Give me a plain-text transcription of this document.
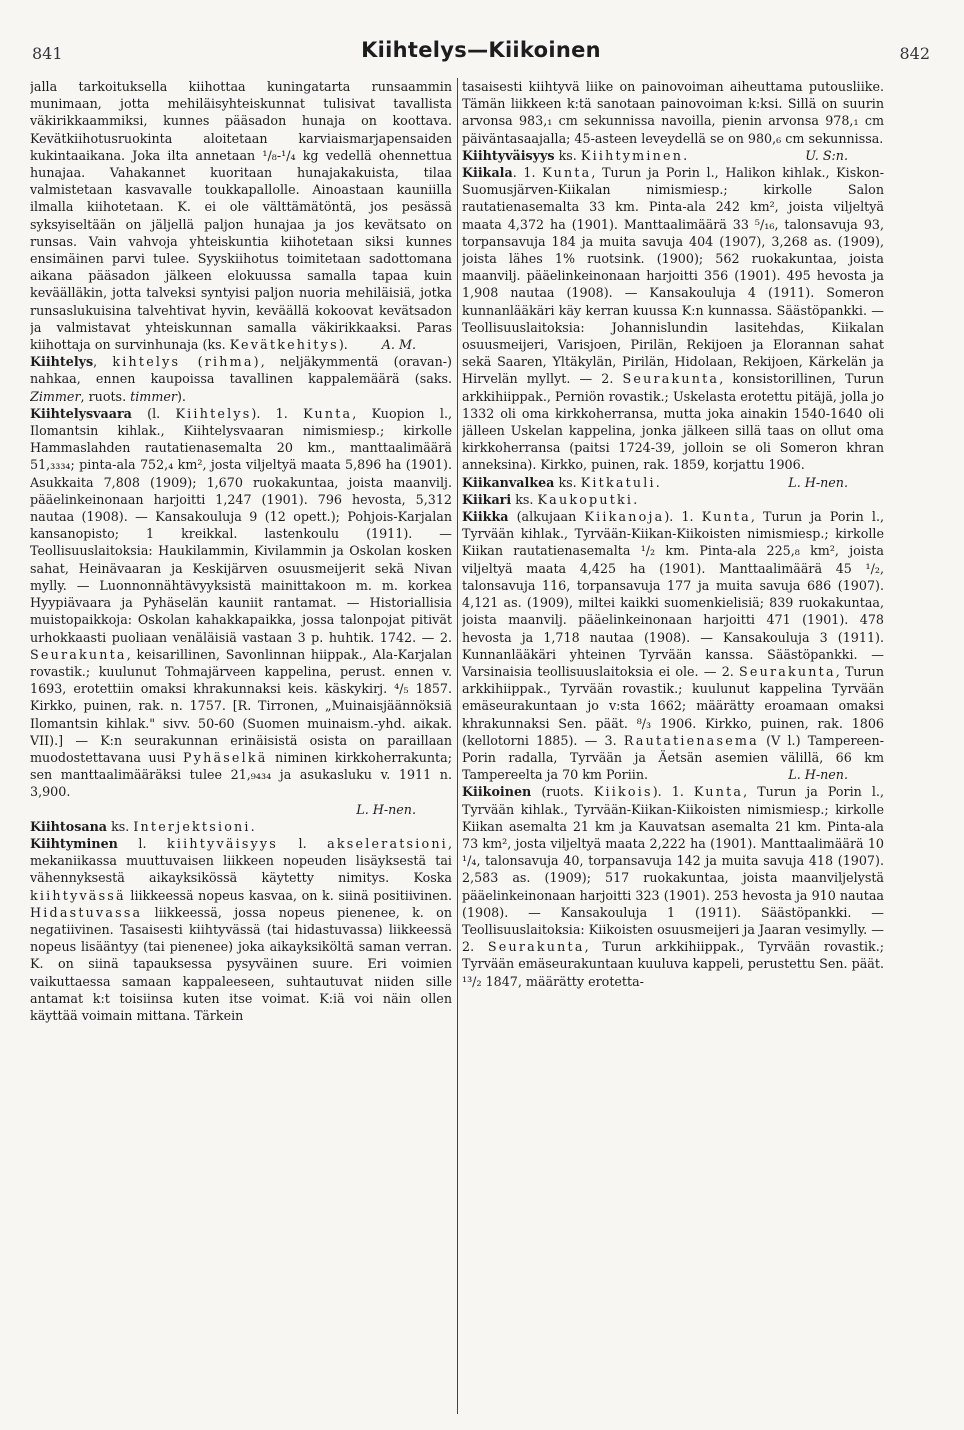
841	Kiihtelys—Kiikoinen	842

jalla tarkoituksella kiihottaa kuningatarta runsaammin munimaan, jotta mehiläisyhteiskunnat tulisivat tavallista väkirikkaammiksi, kunnes pääsadon hunaja on koottava. Kevätkiihotusruokinta aloitetaan karviaismarjapensaiden kukintaaikana. Joka ilta annetaan ¹/₈-¹/₄ kg vedellä ohennettua hunajaa. Vahakannet kuoritaan hunajakakuista, tilaa valmistetaan kasvavalle toukkapallolle. Ainoastaan kauniilla ilmalla kiihotetaan. K. ei ole välttämätöntä, jos pesässä syksyiseltään on jäljellä paljon hunajaa ja jos kevätsato on runsas. Vain vahvoja yhteiskuntia kiihotetaan siksi kunnes ensimäinen parvi tulee. Syyskiihotus toimitetaan sadottomana aikana pääsadon jälkeen elokuussa samalla tapaa kuin keväälläkin, jotta talveksi syntyisi paljon nuoria mehiläisiä, jotka runsaslukuisina talvehtivat hyvin, keväällä kokoovat kevätsadon ja valmistavat yhteiskunnan samalla väkirikkaaksi. Paras kiihottaja on survinhunaja (ks. Kevätkehitys).	A. M.

Kiihtelys, kihtelys (rihma), neljäkymmentä (oravan-) nahkaa, ennen kaupoissa tavallinen kappalemäärä (saks. Zimmer, ruots. timmer).

Kiihtelysvaara (l. Kiihtelys). 1. Kunta, Kuopion l., Ilomantsin kihlak., Kiihtelysvaaran nimismiesp.; kirkolle Hammaslahden rautatienasemalta 20 km., manttaalimäärä 51,₃₃₃₄; pinta-ala 752,₄ km², josta viljeltyä maata 5,896 ha (1901). Asukkaita 7,808 (1909); 1,670 ruokakuntaa, joista maanvilj. pääelinkeinonaan harjoitti 1,247 (1901). 796 hevosta, 5,312 nautaa (1908). — Kansakouluja 9 (12 opett.); Pohjois-Karjalan kansanopisto; 1 kreikkal. lastenkoulu (1911). — Teollisuuslaitoksia: Haukilammin, Kivilammin ja Oskolan kosken sahat, Heinävaaran ja Keskijärven osuusmeijerit sekä Nivan mylly. — Luonnonnähtävyyksistä mainittakoon m. m. korkea Hyypiävaara ja Pyhäselän kauniit rantamat. — Historiallisia muistopaikkoja: Oskolan kahakkapaikka, jossa talonpojat pitivät urhokkaasti puoliaan venäläisiä vastaan 3 p. huhtik. 1742. — 2. Seurakunta, keisarillinen, Savonlinnan hiippak., Ala-Karjalan rovastik.; kuulunut Tohmajärveen kappelina, perust. ennen v. 1693, erotettiin omaksi khrakunnaksi keis. käskykirj. ⁴/₅ 1857. Kirkko, puinen, rak. n. 1757. [R. Tirronen, „Muinaisjäännöksiä Ilomantsin kihlak." sivv. 50-60 (Suomen muinaism.-yhd. aikak. VII).] — K:n seurakunnan erinäisistä osista on paraillaan muodostettavana uusi Pyhäselkä niminen kirkkoherrakunta; sen manttaalimääräksi tulee 21,₉₄₃₄ ja asukasluku v. 1911 n. 3,900.

L. H-nen.

Kiihtosana ks. Interjektsioni.

Kiihtyminen l. kiihtyväisyys l. akseleratsioni, mekaniikassa muuttuvaisen liikkeen nopeuden lisäyksestä tai vähennyksestä aikayksikössä käytetty nimitys. Koska kiihtyvässä liikkeessä nopeus kasvaa, on k. siinä positiivinen. Hidastuvassa liikkeessä, jossa nopeus pienenee, k. on negatiivinen. Tasaisesti kiihtyvässä (tai hidastuvassa) liikkeessä nopeus lisääntyy (tai pienenee) joka aikayksiköltä saman verran. K. on siinä tapauksessa pysyväinen suure. Eri voimien vaikuttaessa samaan kappaleeseen, suhtautuvat niiden sille antamat k:t toisiinsa kuten itse voimat. K:iä voi näin ollen käyttää voimain mittana. Tärkein

tasaisesti kiihtyvä liike on painovoiman aiheuttama putousliike. Tämän liikkeen k:tä sanotaan painovoiman k:ksi. Sillä on suurin arvonsa 983,₁ cm sekunnissa navoilla, pienin arvonsa 978,₁ cm päiväntasaajalla; 45-asteen leveydellä se on 980,₆ cm sekunnissa.
U. S:n.

Kiihtyväisyys ks. Kiihtyminen.

Kiikala. 1. Kunta, Turun ja Porin l., Halikon kihlak., Kiskon-Suomusjärven-Kiikalan nimismiesp.; kirkolle Salon rautatienasemalta 33 km. Pinta-ala 242 km², joista viljeltyä maata 4,372 ha (1901). Manttaalimäärä 33 ⁵/₁₆, talonsavuja 93, torpansavuja 184 ja muita savuja 404 (1907), 3,268 as. (1909), joista lähes 1% ruotsink. (1900); 562 ruokakuntaa, joista maanvilj. pääelinkeinonaan harjoitti 356 (1901). 495 hevosta ja 1,908 nautaa (1908). — Kansakouluja 4 (1911). Someron kunnanlääkäri käy kerran kuussa K:n kunnassa. Säästöpankki. — Teollisuuslaitoksia: Johannislundin lasitehdas, Kiikalan osuusmeijeri, Varisjoen, Pirilän, Rekijoen ja Elorannan sahat sekä Saaren, Yltäkylän, Pirilän, Hidolaan, Rekijoen, Kärkelän ja Hirvelän myllyt. — 2. Seurakunta, konsistorillinen, Turun arkkihiippak., Perniön rovastik.; Uskelasta erotettu pitäjä, jolla jo 1332 oli oma kirkkoherransa, mutta joka ainakin 1540-1640 oli jälleen Uskelan kappelina, jonka jälkeen sillä taas on ollut oma kirkkoherransa (paitsi 1724-39, jolloin se oli Someron khran anneksina). Kirkko, puinen, rak. 1859, korjattu 1906.
L. H-nen.

Kiikanvalkea ks. Kitkatuli.

Kiikari ks. Kaukoputki.

Kiikka (alkujaan Kiikanoja). 1. Kunta, Turun ja Porin l., Tyrvään kihlak., Tyrvään-Kiikan-Kiikoisten nimismiesp.; kirkolle Kiikan rautatienasemalta ¹/₂ km. Pinta-ala 225,₈ km², joista viljeltyä maata 4,425 ha (1901). Manttaalimäärä 45 ¹/₂, talonsavuja 116, torpansavuja 177 ja muita savuja 686 (1907). 4,121 as. (1909), miltei kaikki suomenkielisiä; 839 ruokakuntaa, joista maanvilj. pääelinkeinonaan harjoitti 471 (1901). 478 hevosta ja 1,718 nautaa (1908). — Kansakouluja 3 (1911). Kunnanlääkäri yhteinen Tyrvään kanssa. Säästöpankki. — Varsinaisia teollisuuslaitoksia ei ole. — 2. Seurakunta, Turun arkkihiippak., Tyrvään rovastik.; kuulunut kappelina Tyrvään emäseurakuntaan jo v:sta 1662; määrätty eroamaan omaksi khrakunnaksi Sen. päät. ⁸/₃ 1906. Kirkko, puinen, rak. 1806 (kellotorni 1885). — 3. Rautatienasema (V l.) Tampereen-Porin radalla, Tyrvään ja Äetsän asemien välillä, 66 km Tampereelta ja 70 km Poriin.	L. H-nen.

Kiikoinen (ruots. Kiikois). 1. Kunta, Turun ja Porin l., Tyrvään kihlak., Tyrvään-Kiikan-Kiikoisten nimismiesp.; kirkolle Kiikan asemalta 21 km ja Kauvatsan asemalta 21 km. Pinta-ala 73 km², josta viljeltyä maata 2,222 ha (1901). Manttaalimäärä 10 ¹/₄, talonsavuja 40, torpansavuja 142 ja muita savuja 418 (1907). 2,583 as. (1909); 517 ruokakuntaa, joista maanviljelystä pääelinkeinonaan harjoitti 323 (1901). 253 hevosta ja 910 nautaa (1908). — Kansakouluja 1 (1911). Säästöpankki. — Teollisuuslaitoksia: Kiikoisten osuusmeijeri ja Jaaran vesimylly. — 2. Seurakunta, Turun arkkihiippak., Tyrvään rovastik.; Tyrvään emäseurakuntaan kuuluva kappeli, perustettu Sen. päät. ¹³/₂ 1847, määrätty erotetta-
